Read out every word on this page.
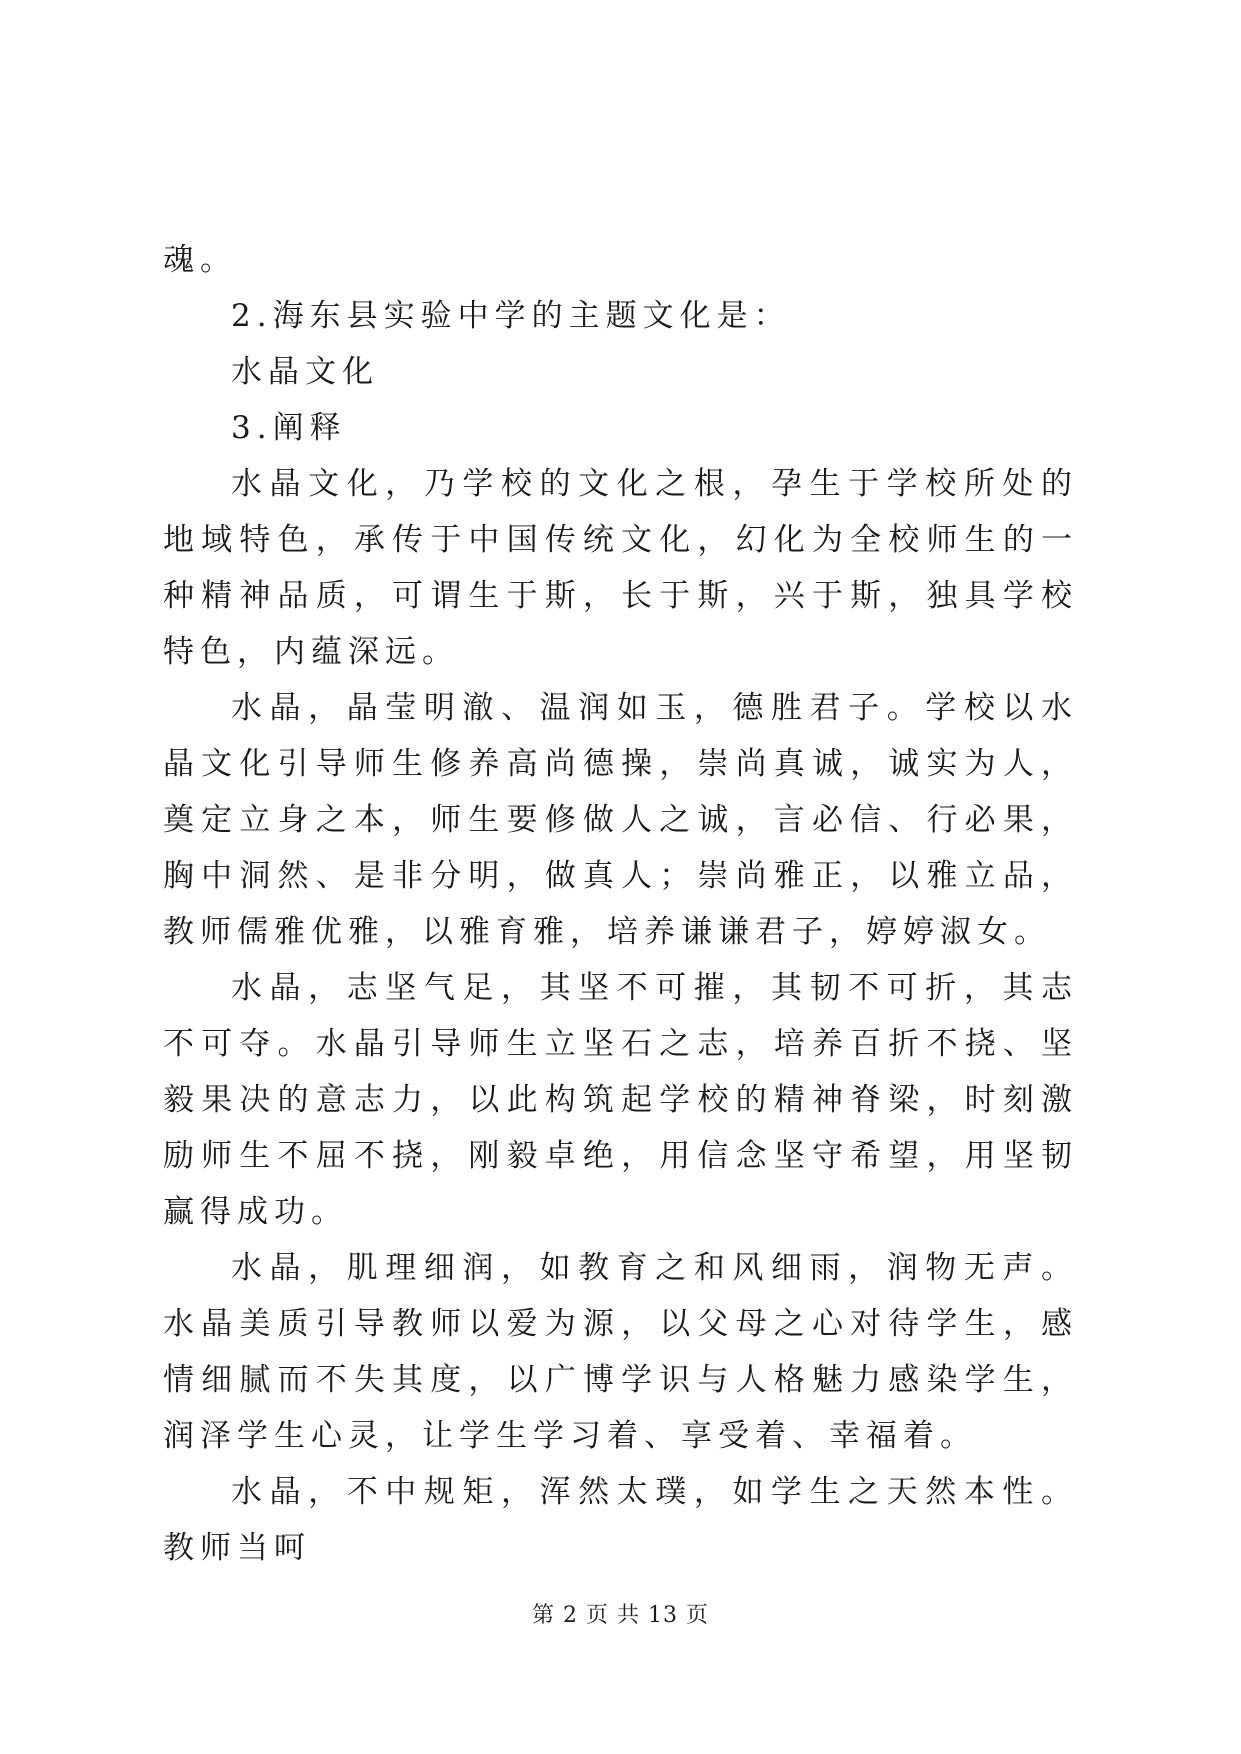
魂。

2.海东县实验中学的主题文化是：

水晶文化

3.阐释

水晶文化，乃学校的文化之根，孕生于学校所处的地域特色，承传于中国传统文化，幻化为全校师生的一种精神品质，可谓生于斯，长于斯，兴于斯，独具学校特色，内蕴深远。

水晶，晶莹明澈、温润如玉，德胜君子。学校以水晶文化引导师生修养高尚德操，崇尚真诚，诚实为人，奠定立身之本，师生要修做人之诚，言必信、行必果，胸中洞然、是非分明，做真人；崇尚雅正，以雅立品，教师儒雅优雅，以雅育雅，培养谦谦君子，婷婷淑女。

水晶，志坚气足，其坚不可摧，其韧不可折，其志不可夺。水晶引导师生立坚石之志，培养百折不挠、坚毅果决的意志力，以此构筑起学校的精神脊梁，时刻激励师生不屈不挠，刚毅卓绝，用信念坚守希望，用坚韧赢得成功。

水晶，肌理细润，如教育之和风细雨，润物无声。水晶美质引导教师以爱为源，以父母之心对待学生，感情细腻而不失其度，以广博学识与人格魅力感染学生，润泽学生心灵，让学生学习着、享受着、幸福着。

水晶，不中规矩，浑然太璞，如学生之天然本性。教师当呵

第 2 页 共 13 页
